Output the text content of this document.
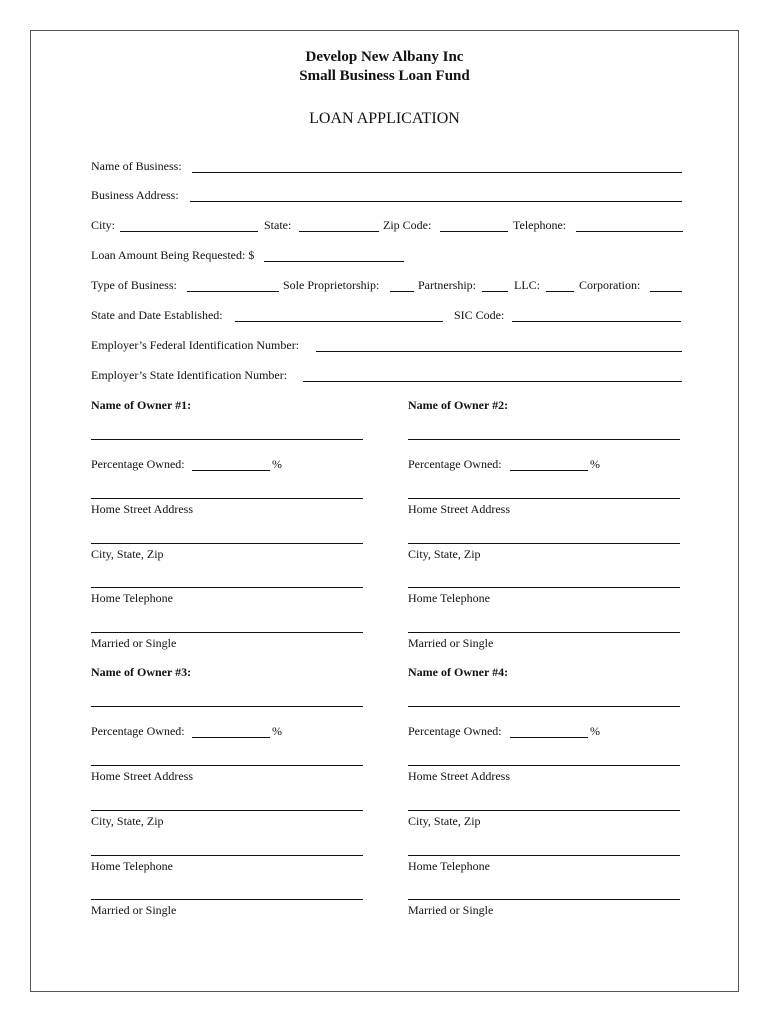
Develop New Albany Inc
Small Business Loan Fund
LOAN APPLICATION
Name of Business:
Business Address:
City:	State:	Zip Code:	Telephone:
Loan Amount Being Requested: $
Type of Business:	Sole Proprietorship:	Partnership:	LLC:	Corporation:
State and Date Established:	SIC Code:
Employer’s Federal Identification Number:
Employer’s State Identification Number:
Name of Owner #1:
Percentage Owned:	%
Home Street Address
City, State, Zip
Home Telephone
Married or Single
Name of Owner #2:
Percentage Owned:	%
Home Street Address
City, State, Zip
Home Telephone
Married or Single
Name of Owner #3:
Percentage Owned:	%
Home Street Address
City, State, Zip
Home Telephone
Married or Single
Name of Owner #4:
Percentage Owned:	%
Home Street Address
City, State, Zip
Home Telephone
Married or Single
